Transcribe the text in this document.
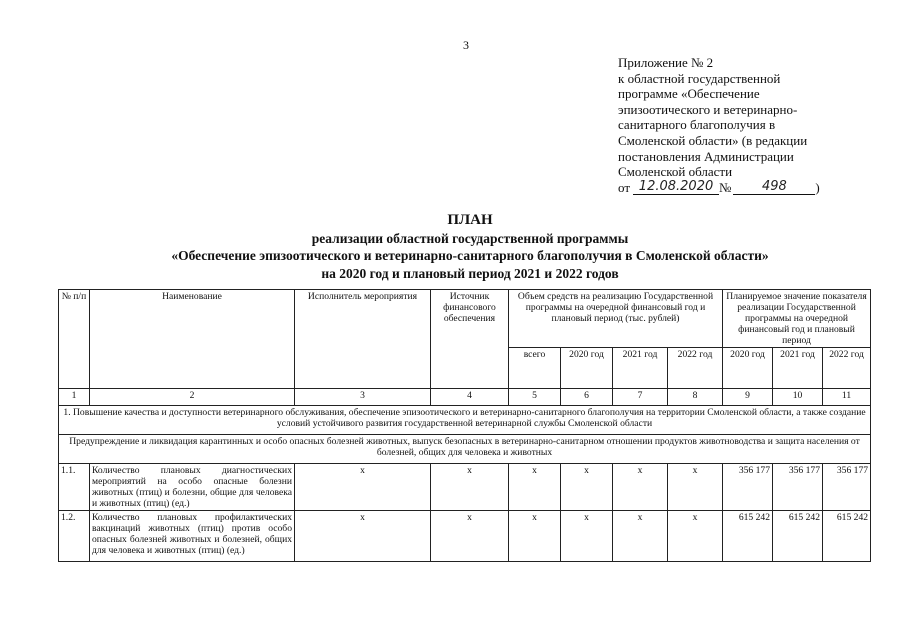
3
Приложение № 2
к областной государственной
программе «Обеспечение
эпизоотического и ветеринарно-
санитарного благополучия в
Смоленской области» (в редакции
постановления Администрации
Смоленской области
от 12.08.2020 №	498	)
ПЛАН
реализации областной государственной программы
«Обеспечение эпизоотического и ветеринарно-санитарного благополучия в Смоленской области»
на 2020 год и плановый период 2021 и 2022 годов
№ п/п	Наименование	Исполнитель мероприятия	Источник финансового обеспечения	Объем средств на реализацию Государственной программы на очередной финансовый год и плановый период (тыс. рублей)				Планируемое значение показателя реализации Государственной программы на очередной финансовый год и плановый период		
				всего	2020 год	2021 год	2022 год	2020 год	2021 год	2022 год
1	2	3	4	5	6	7	8	9	10	11
1. Повышение качества и доступности ветеринарного обслуживания, обеспечение эпизоотического и ветеринарно-санитарного благополучия на территории Смоленской области, а также создание условий устойчивого развития государственной ветеринарной службы Смоленской области										
Предупреждение и ликвидация карантинных и особо опасных болезней животных, выпуск безопасных в ветеринарно-санитарном отношении продуктов животноводства и защита населения от болезней, общих для человека и животных										
1.1.	Количество плановых диагностических мероприятий на особо опасные болезни животных (птиц) и болезни, общие для человека и животных (птиц) (ед.)	х	х	х	х	х	х	356 177	356 177	356 177
1.2.	Количество плановых профилактических вакцинаций животных (птиц) против особо опасных болезней животных и болезней, общих для человека и животных (птиц) (ед.)	х	х	х	х	х	х	615 242	615 242	615 242
